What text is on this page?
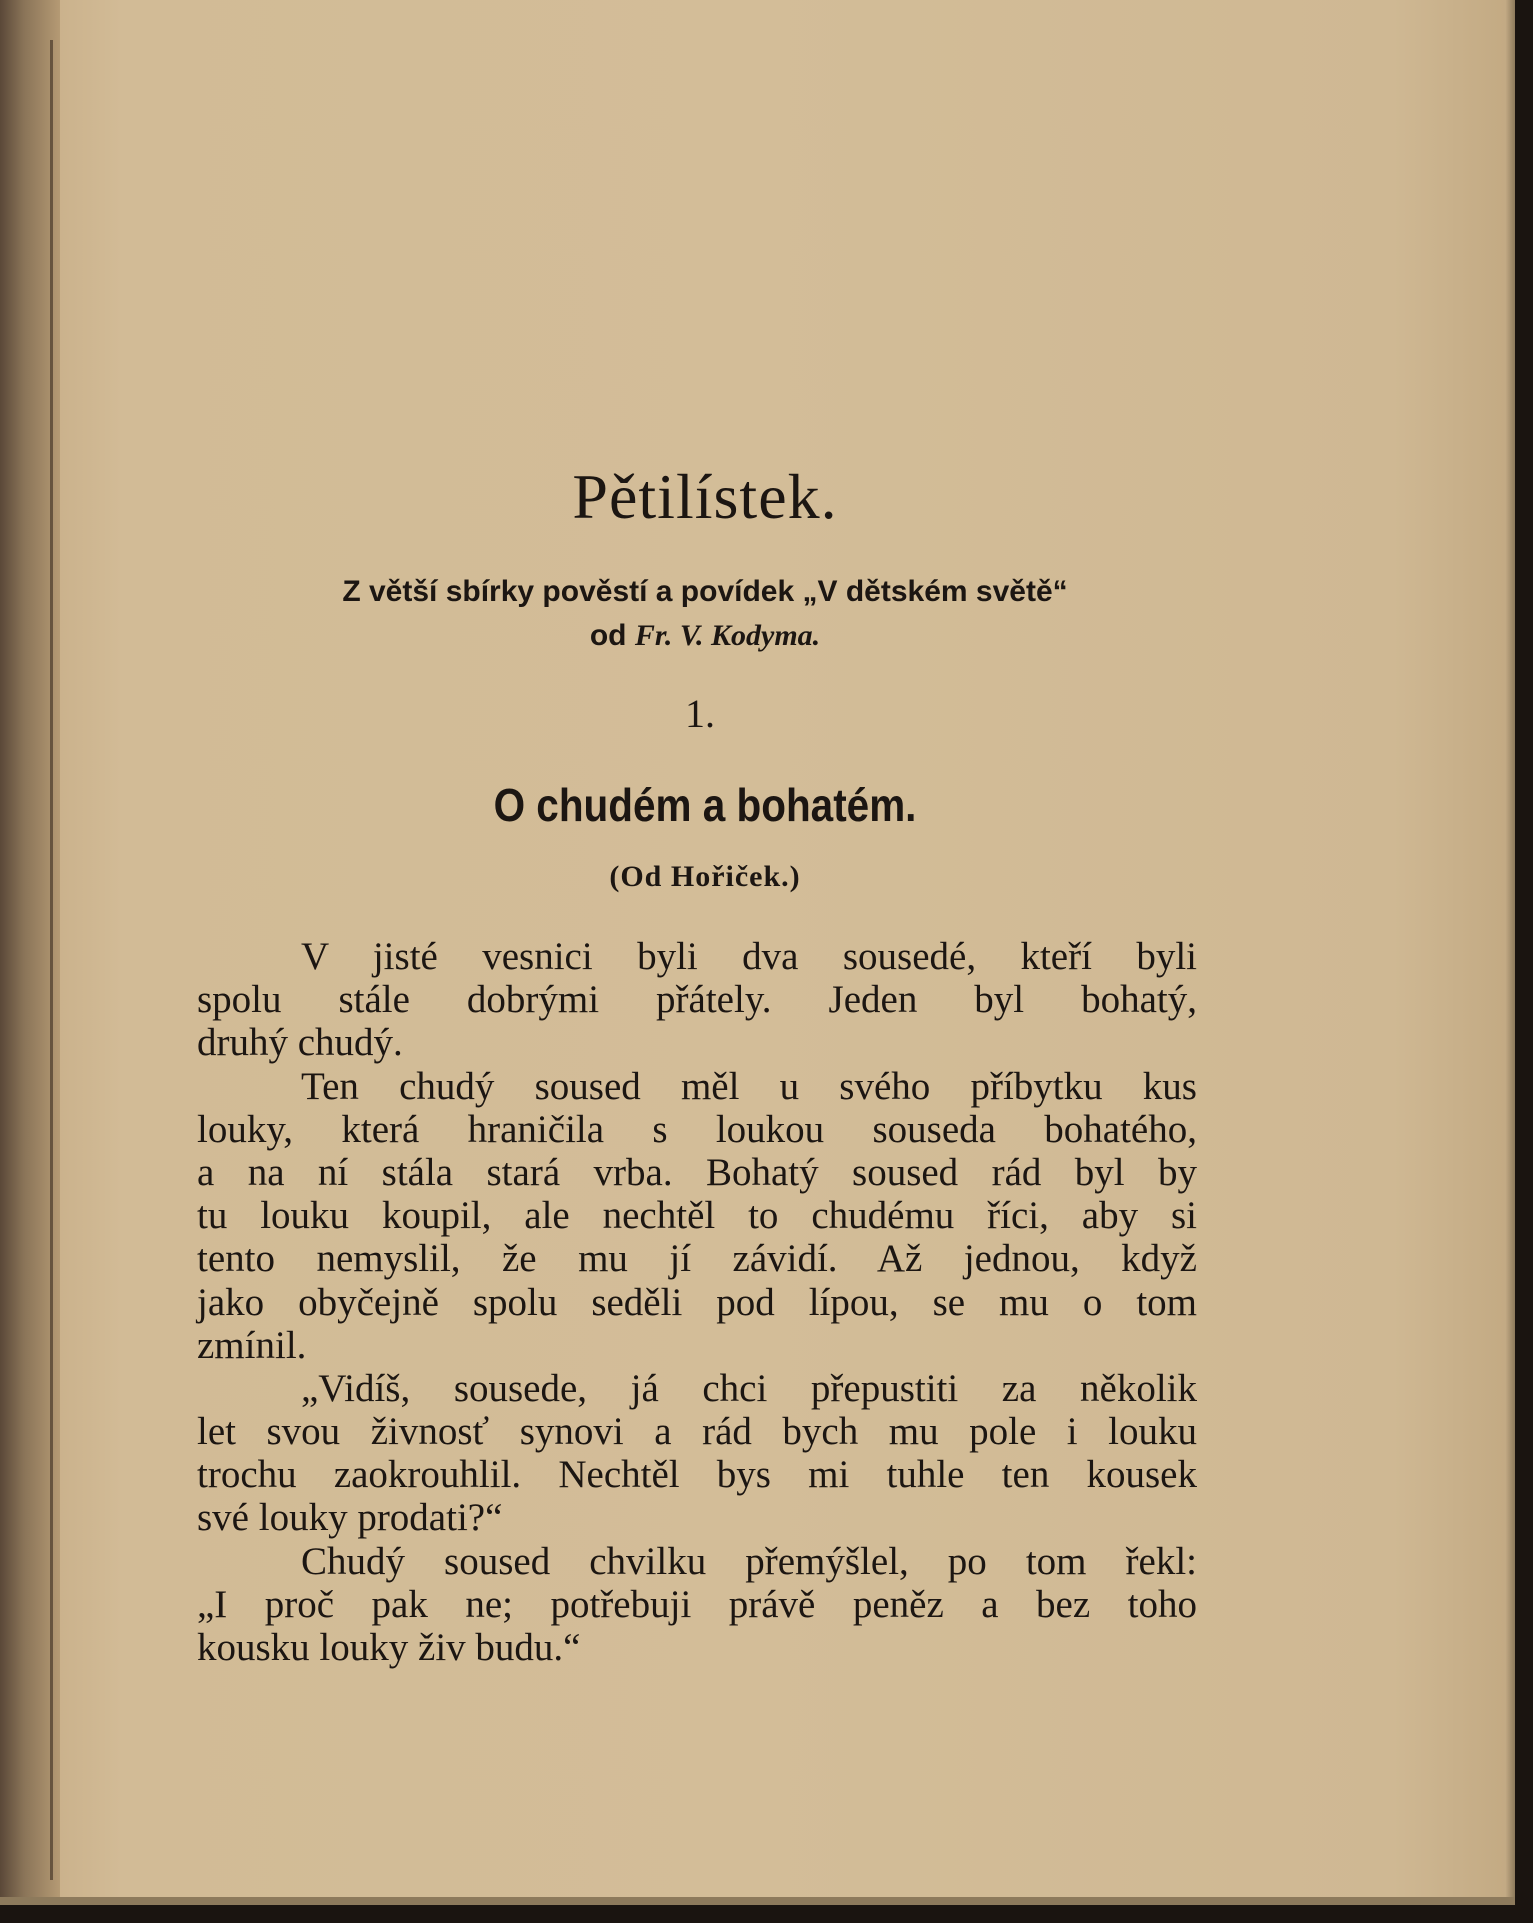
Pětilístek.
Z větší sbírky pověstí a povídek „V dětském světě“
od Fr. V. Kodyma.
1.
O chudém a bohatém.
(Od Hořiček.)
V jisté vesnici byli dva sousedé, kteří byli
spolu stále dobrými přátely. Jeden byl bohatý,
druhý chudý.
Ten chudý soused měl u svého příbytku kus
louky, která hraničila s loukou souseda bohatého,
a na ní stála stará vrba. Bohatý soused rád byl by
tu louku koupil, ale nechtěl to chudému říci, aby si
tento nemyslil, že mu jí závidí. Až jednou, když
jako obyčejně spolu seděli pod lípou, se mu o tom
zmínil.
„Vidíš, sousede, já chci přepustiti za několik
let svou živnosť synovi a rád bych mu pole i louku
trochu zaokrouhlil. Nechtěl bys mi tuhle ten kousek
své louky prodati?“
Chudý soused chvilku přemýšlel, po tom řekl:
„I proč pak ne; potřebuji právě peněz a bez toho
kousku louky živ budu.“
